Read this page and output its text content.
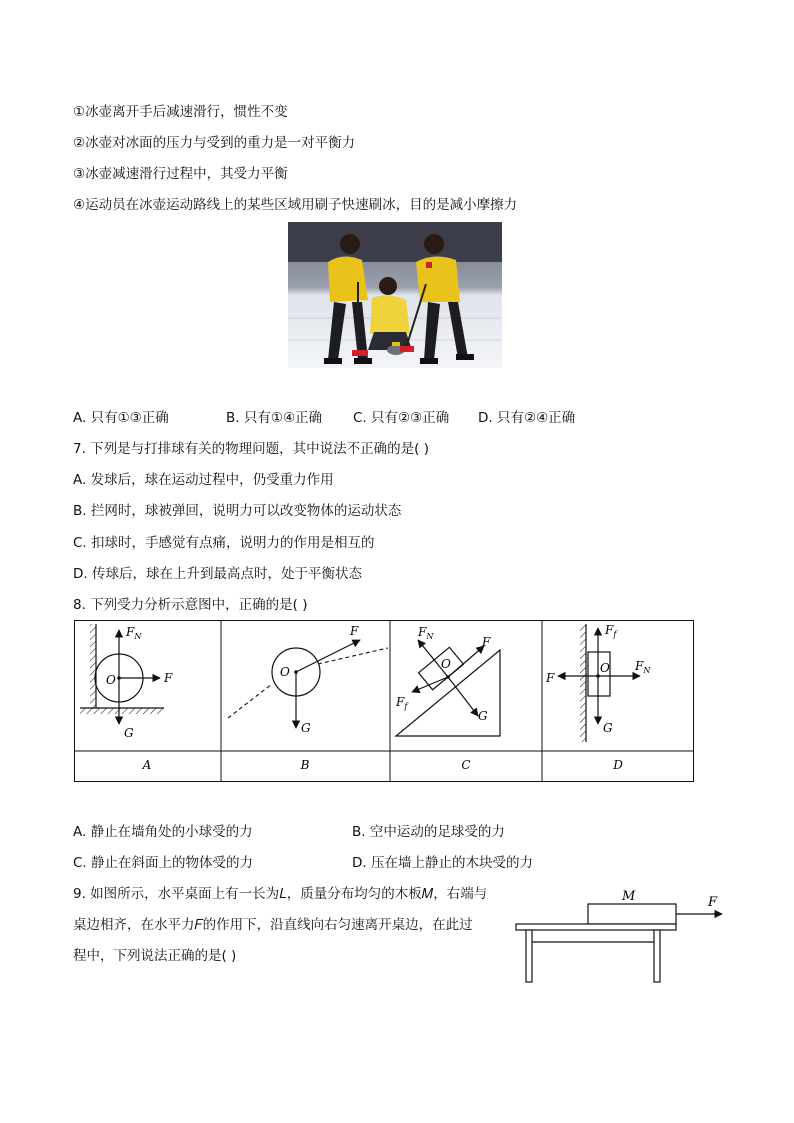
①冰壶离开手后减速滑行，惯性不变
②冰壶对冰面的压力与受到的重力是一对平衡力
③冰壶减速滑行过程中，其受力平衡
④运动员在冰壶运动路线上的某些区域用刷子快速刷冰，目的是减小摩擦力
A. 只有①③正确	B. 只有①④正确 C. 只有②③正确 D. 只有②④正确
7. 下列是与打排球有关的物理问题，其中说法不正确的是( )
A. 发球后，球在运动过程中，仍受重力作用
B. 拦网时，球被弹回，说明力可以改变物体的运动状态
C. 扣球时，手感觉有点痛，说明力的作用是相互的
D. 传球后，球在上升到最高点时，处于平衡状态
8. 下列受力分析示意图中，正确的是( )
$F_N$
O	F
G
O
F
G
$F_N$	F
O
$F_f$
G
$F_f$
O
F
$F_N$
G
A	B	C	D
A. 静止在墙角处的小球受的力	B. 空中运动的足球受的力
C. 静止在斜面上的物体受的力	D. 压在墙上静止的木块受的力
9. 如图所示，水平桌面上有一长为𝐿，质量分布均匀的木板𝑀，右端与
桌边相齐，在水平力𝐹的作用下，沿直线向右匀速离开桌边，在此过
程中，下列说法正确的是( )
M	F
